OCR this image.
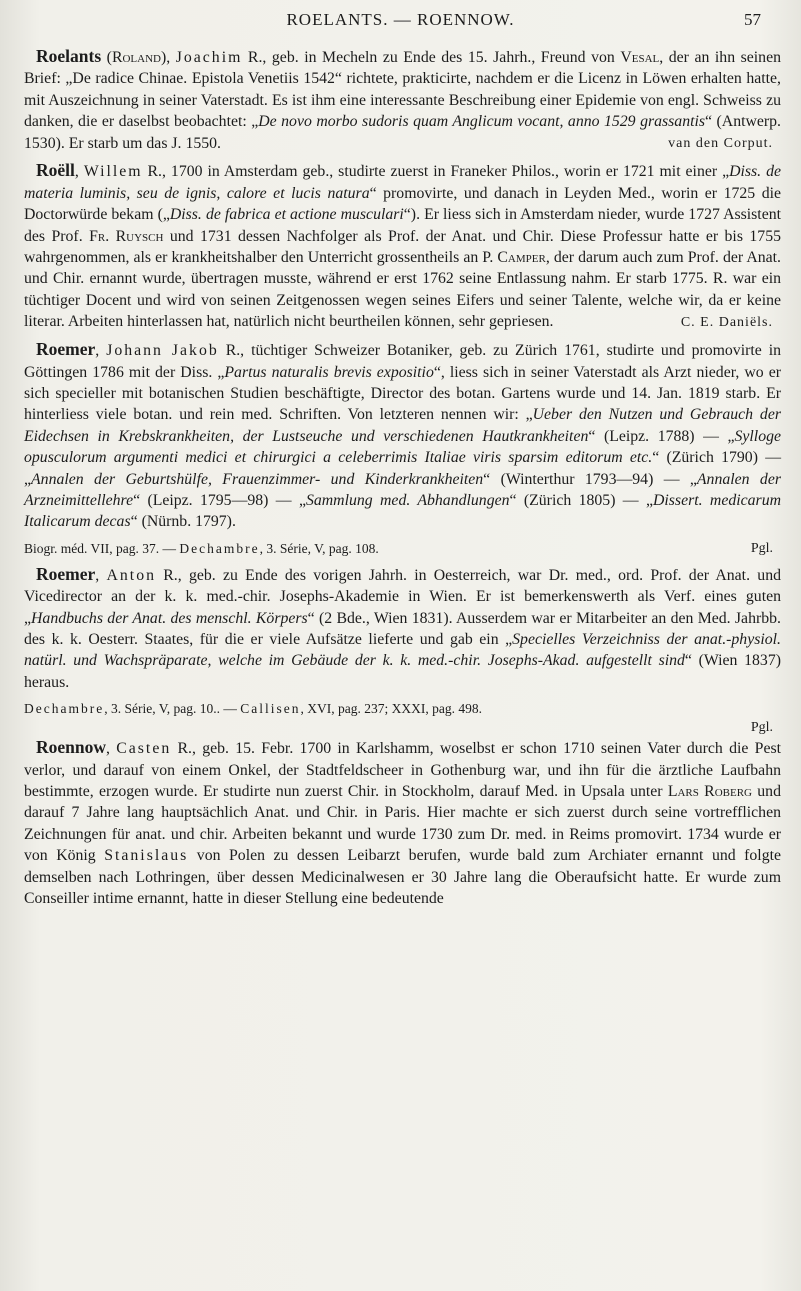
ROELANTS. — ROENNOW.	57

Roelants (Roland), Joachim R., geb. in Mecheln zu Ende des 15. Jahrh., Freund von Vesal, der an ihn seinen Brief: „De radice Chinae. Epistola Venetiis 1542“ richtete, prakticirte, nachdem er die Licenz in Löwen erhalten hatte, mit Auszeichnung in seiner Vaterstadt. Es ist ihm eine interessante Beschreibung einer Epidemie von engl. Schweiss zu danken, die er daselbst beobachtet: „De novo morbo sudoris quam Anglicum vocant, anno 1529 grassantis“ (Antwerp. 1530). Er starb um das J. 1550.	van den Corput.

Roëll, Willem R., 1700 in Amsterdam geb., studirte zuerst in Franeker Philos., worin er 1721 mit einer „Diss. de materia luminis, seu de ignis, calore et lucis natura“ promovirte, und danach in Leyden Med., worin er 1725 die Doctorwürde bekam („Diss. de fabrica et actione musculari“). Er liess sich in Amsterdam nieder, wurde 1727 Assistent des Prof. Fr. Ruysch und 1731 dessen Nachfolger als Prof. der Anat. und Chir. Diese Professur hatte er bis 1755 wahrgenommen, als er krankheitshalber den Unterricht grossentheils an P. Camper, der darum auch zum Prof. der Anat. und Chir. ernannt wurde, übertragen musste, während er erst 1762 seine Entlassung nahm. Er starb 1775. R. war ein tüchtiger Docent und wird von seinen Zeitgenossen wegen seines Eifers und seiner Talente, welche wir, da er keine literar. Arbeiten hinterlassen hat, natürlich nicht beurtheilen können, sehr gepriesen.	C. E. Daniëls.

Roemer, Johann Jakob R., tüchtiger Schweizer Botaniker, geb. zu Zürich 1761, studirte und promovirte in Göttingen 1786 mit der Diss. „Partus naturalis brevis expositio“, liess sich in seiner Vaterstadt als Arzt nieder, wo er sich specieller mit botanischen Studien beschäftigte, Director des botan. Gartens wurde und 14. Jan. 1819 starb. Er hinterliess viele botan. und rein med. Schriften. Von letzteren nennen wir: „Ueber den Nutzen und Gebrauch der Eidechsen in Krebskrankheiten, der Lustseuche und verschiedenen Hautkrankheiten“ (Leipz. 1788) — „Sylloge opusculorum argumenti medici et chirurgici a celeberrimis Italiae viris sparsim editorum etc.“ (Zürich 1790) — „Annalen der Geburtshülfe, Frauenzimmer- und Kinderkrankheiten“ (Winterthur 1793—94) — „Annalen der Arzneimittellehre“ (Leipz. 1795—98) — „Sammlung med. Abhandlungen“ (Zürich 1805) — „Dissert. medicarum Italicarum decas“ (Nürnb. 1797).

Biogr. méd. VII, pag. 37. — Dechambre, 3. Série, V, pag. 108.	Pgl.

Roemer, Anton R., geb. zu Ende des vorigen Jahrh. in Oesterreich, war Dr. med., ord. Prof. der Anat. und Vicedirector an der k. k. med.-chir. Josephs-Akademie in Wien. Er ist bemerkenswerth als Verf. eines guten „Handbuchs der Anat. des menschl. Körpers“ (2 Bde., Wien 1831). Ausserdem war er Mitarbeiter an den Med. Jahrbb. des k. k. Oesterr. Staates, für die er viele Aufsätze lieferte und gab ein „Specielles Verzeichniss der anat.-physiol. natürl. und Wachspräparate, welche im Gebäude der k. k. med.-chir. Josephs-Akad. aufgestellt sind“ (Wien 1837) heraus.

Dechambre, 3. Série, V, pag. 10.. — Callisen, XVI, pag. 237; XXXI, pag. 498.
Pgl.

Roennow, Casten R., geb. 15. Febr. 1700 in Karlshamm, woselbst er schon 1710 seinen Vater durch die Pest verlor, und darauf von einem Onkel, der Stadtfeldscheer in Gothenburg war, und ihn für die ärztliche Laufbahn bestimmte, erzogen wurde. Er studirte nun zuerst Chir. in Stockholm, darauf Med. in Upsala unter Lars Roberg und darauf 7 Jahre lang hauptsächlich Anat. und Chir. in Paris. Hier machte er sich zuerst durch seine vortrefflichen Zeichnungen für anat. und chir. Arbeiten bekannt und wurde 1730 zum Dr. med. in Reims promovirt. 1734 wurde er von König Stanislaus von Polen zu dessen Leibarzt berufen, wurde bald zum Archiater ernannt und folgte demselben nach Lothringen, über dessen Medicinalwesen er 30 Jahre lang die Oberaufsicht hatte. Er wurde zum Conseiller intime ernannt, hatte in dieser Stellung eine bedeutende
